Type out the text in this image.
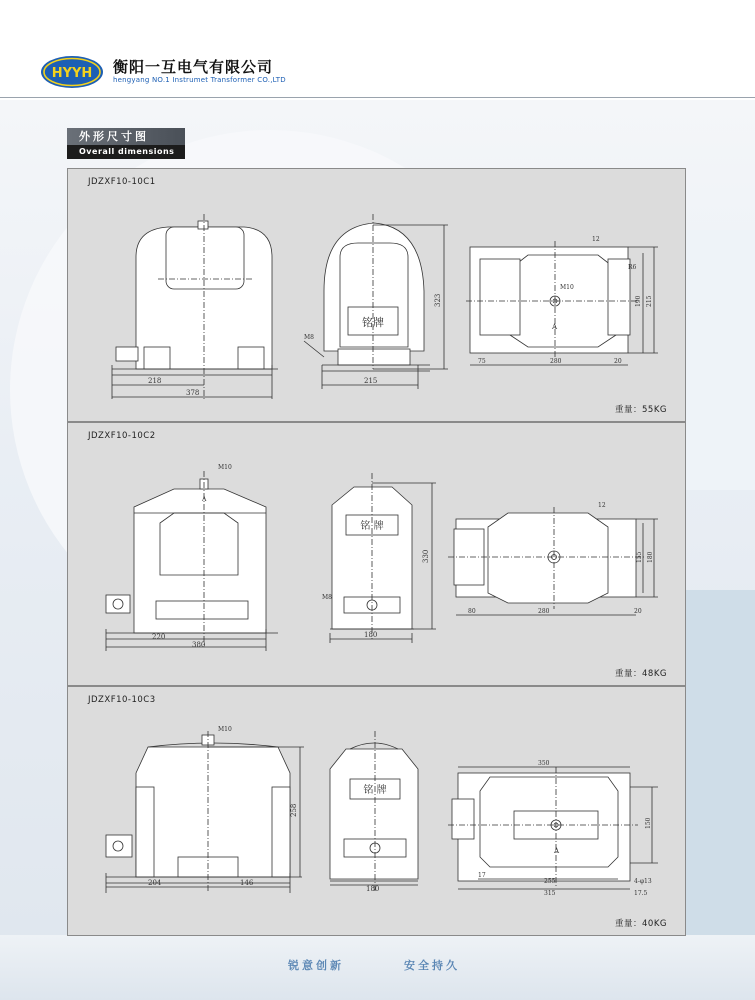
HYYH 衡阳一互电气有限公司
hengyang NO.1 Instrumet Transformer CO.,LTD
外形尺寸图
Overall dimensions
JDZXF10-10C1
218
378
铭牌
M8
215
323
M10
A
190 215
12
R6
75	280	20
重量：55KG
JDZXF10-10C2
M10
A
220
380
铭 牌
M8
180
330	155 180
12
80	280	20
重量：48KG
JDZXF10-10C3
M10
258
204	146
铭 牌
180
A
350
150
17
255
315
4-φ13
17.5
重量：40KG
锐意创新	安全持久
